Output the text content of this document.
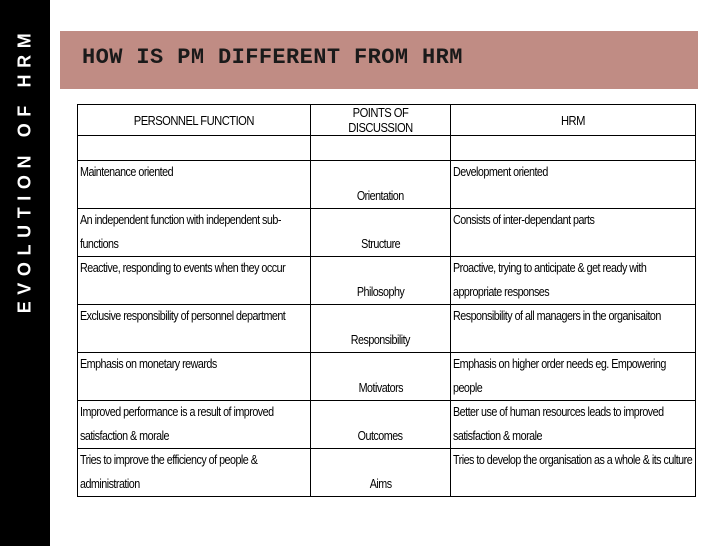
EVOLUTION OF HRM HOW IS PM DIFFERENT FROM HRM
PERSONNEL FUNCTION	POINTS OF DISCUSSION	HRM

Maintenance oriented	Orientation	Development oriented

An independent function with independent sub-functions	Structure	Consists of inter-dependant parts

Reactive, responding to events when they occur	Philosophy	Proactive, trying to anticipate & get ready with appropriate responses

Exclusive responsibility of personnel department	Responsibility	Responsibility of all managers in the organisaiton

Emphasis on monetary rewards	Motivators	Emphasis on higher order needs eg. Empowering people

Improved performance is a result of improved satisfaction & morale	Outcomes	Better use of human resources leads to improved satisfaction & morale

Tries to improve the efficiency of people & administration	Aims	Tries to develop the organisation as a whole & its culture
